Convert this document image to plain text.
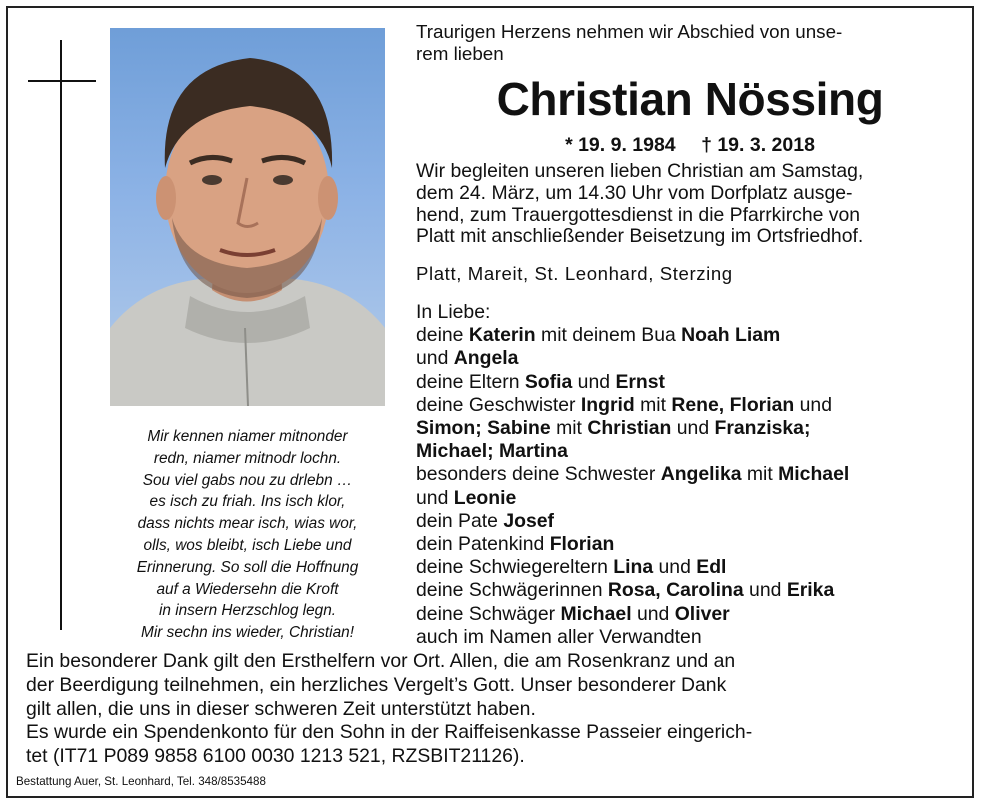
Mir kennen niamer mitnonder
redn, niamer mitnodr lochn.
Sou viel gabs nou zu drlebn …
es isch zu friah. Ins isch klor,
dass nichts mear isch, wias wor,
olls, wos bleibt, isch Liebe und
Erinnerung. So soll die Hoffnung
auf a Wiedersehn die Kroft
in insern Herzschlog legn.
Mir sechn ins wieder, Christian!
Traurigen Herzens nehmen wir Abschied von unse-
rem lieben
Christian Nössing
* 19. 9. 1984 † 19. 3. 2018
Wir begleiten unseren lieben Christian am Samstag,
dem 24. März, um 14.30 Uhr vom Dorfplatz ausge-
hend, zum Trauergottesdienst in die Pfarrkirche von
Platt mit anschließender Beisetzung im Ortsfriedhof.
Platt, Mareit, St. Leonhard, Sterzing
In Liebe:
deine Katerin mit deinem Bua Noah Liam
und Angela
deine Eltern Sofia und Ernst
deine Geschwister Ingrid mit Rene, Florian und
Simon; Sabine mit Christian und Franziska;
Michael; Martina
besonders deine Schwester Angelika mit Michael
und Leonie
dein Pate Josef
dein Patenkind Florian
deine Schwiegereltern Lina und Edl
deine Schwägerinnen Rosa, Carolina und Erika
deine Schwäger Michael und Oliver
auch im Namen aller Verwandten
Ein besonderer Dank gilt den Ersthelfern vor Ort. Allen, die am Rosenkranz und an
der Beerdigung teilnehmen, ein herzliches Vergelt’s Gott. Unser besonderer Dank
gilt allen, die uns in dieser schweren Zeit unterstützt haben.
Es wurde ein Spendenkonto für den Sohn in der Raiffeisenkasse Passeier eingerich-
tet (IT71 P089 9858 6100 0030 1213 521, RZSBIT21126).
Bestattung Auer, St. Leonhard, Tel. 348/8535488
